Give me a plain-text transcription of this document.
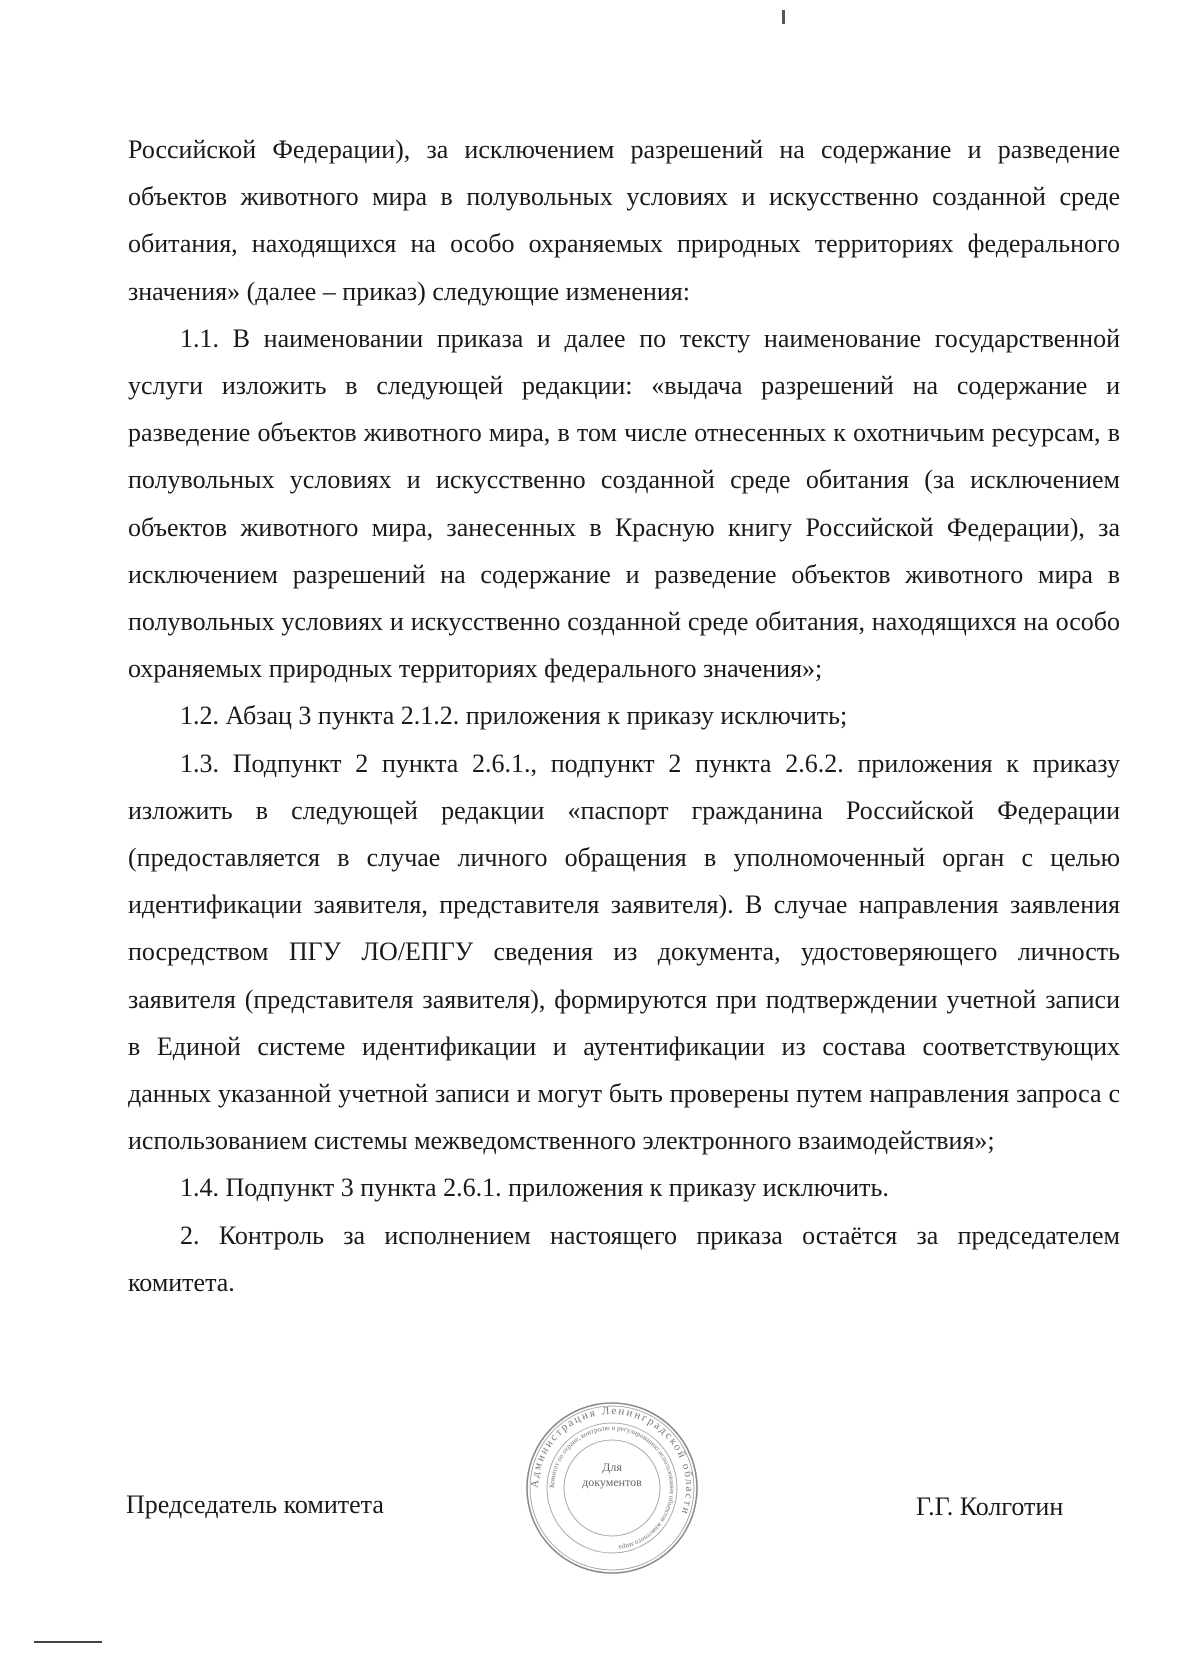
Российской Федерации), за исключением разрешений на содержание и разведение объектов животного мира в полувольных условиях и искусственно созданной среде обитания, находящихся на особо охраняемых природных территориях федерального значения» (далее – приказ) следующие изменения:

1.1. В наименовании приказа и далее по тексту наименование государственной услуги изложить в следующей редакции: «выдача разрешений на содержание и разведение объектов животного мира, в том числе отнесенных к охотничьим ресурсам, в полувольных условиях и искусственно созданной среде обитания (за исключением объектов животного мира, занесенных в Красную книгу Российской Федерации), за исключением разрешений на содержание и разведение объектов животного мира в полувольных условиях и искусственно созданной среде обитания, находящихся на особо охраняемых природных территориях федерального значения»;

1.2. Абзац 3 пункта 2.1.2. приложения к приказу исключить;

1.3. Подпункт 2 пункта 2.6.1., подпункт 2 пункта 2.6.2. приложения к приказу изложить в следующей редакции «паспорт гражданина Российской Федерации (предоставляется в случае личного обращения в уполномоченный орган с целью идентификации заявителя, представителя заявителя). В случае направления заявления посредством ПГУ ЛО/ЕПГУ сведения из документа, удостоверяющего личность заявителя (представителя заявителя), формируются при подтверждении учетной записи в Единой системе идентификации и аутентификации из состава соответствующих данных указанной учетной записи и могут быть проверены путем направления запроса с использованием системы межведомственного электронного взаимодействия»;

1.4. Подпункт 3 пункта 2.6.1. приложения к приказу исключить.

2. Контроль за исполнением настоящего приказа остаётся за председателем комитета.

Председатель комитета
Администрация Ленинградской области
Комитет по охране, контролю и регулированию использования объектов животного мира
Для документов
Г.Г. Колготин
